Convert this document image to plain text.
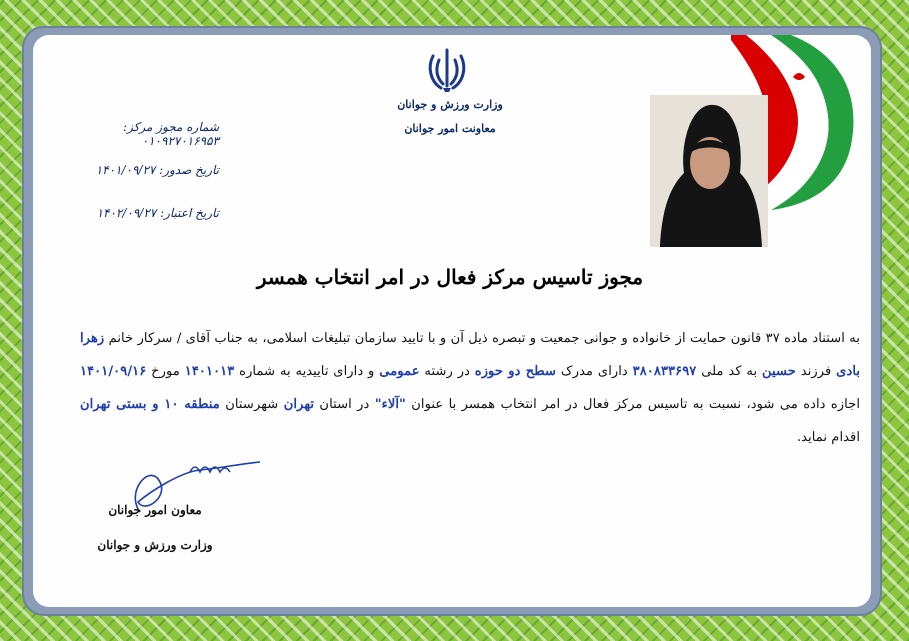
وزارت ورزش و جوانان
معاونت امور جوانان
شماره مجوز مرکز: ۰۱۰۹۲۷۰۱۶۹۵۳
تاریخ صدور: ۱۴۰۱/۰۹/۲۷
تاریخ اعتبار: ۱۴۰۲/۰۹/۲۷
مجوز تاسیس مرکز فعال در امر انتخاب همسر
به استناد ماده ۳۷ قانون حمایت از خانواده و جوانی جمعیت و تبصره ذیل آن و با تایید سازمان تبلیغات اسلامی، به جناب آقای / سرکار خانم زهرا بادی فرزند حسین به کد ملی ۳۸۰۸۳۳۶۹۷ دارای مدرک سطح دو حوزه در رشته عمومی و دارای تاییدیه به شماره ۱۴۰۱۰۱۳ مورخ ۱۴۰۱/۰۹/۱۶ اجازه داده می شود، نسبت به تاسیس مرکز فعال در امر انتخاب همسر با عنوان "آلاء" در استان تهران شهرستان منطقه ۱۰ و بستی تهران اقدام نماید.
معاون امور جوانان
وزارت ورزش و جوانان
